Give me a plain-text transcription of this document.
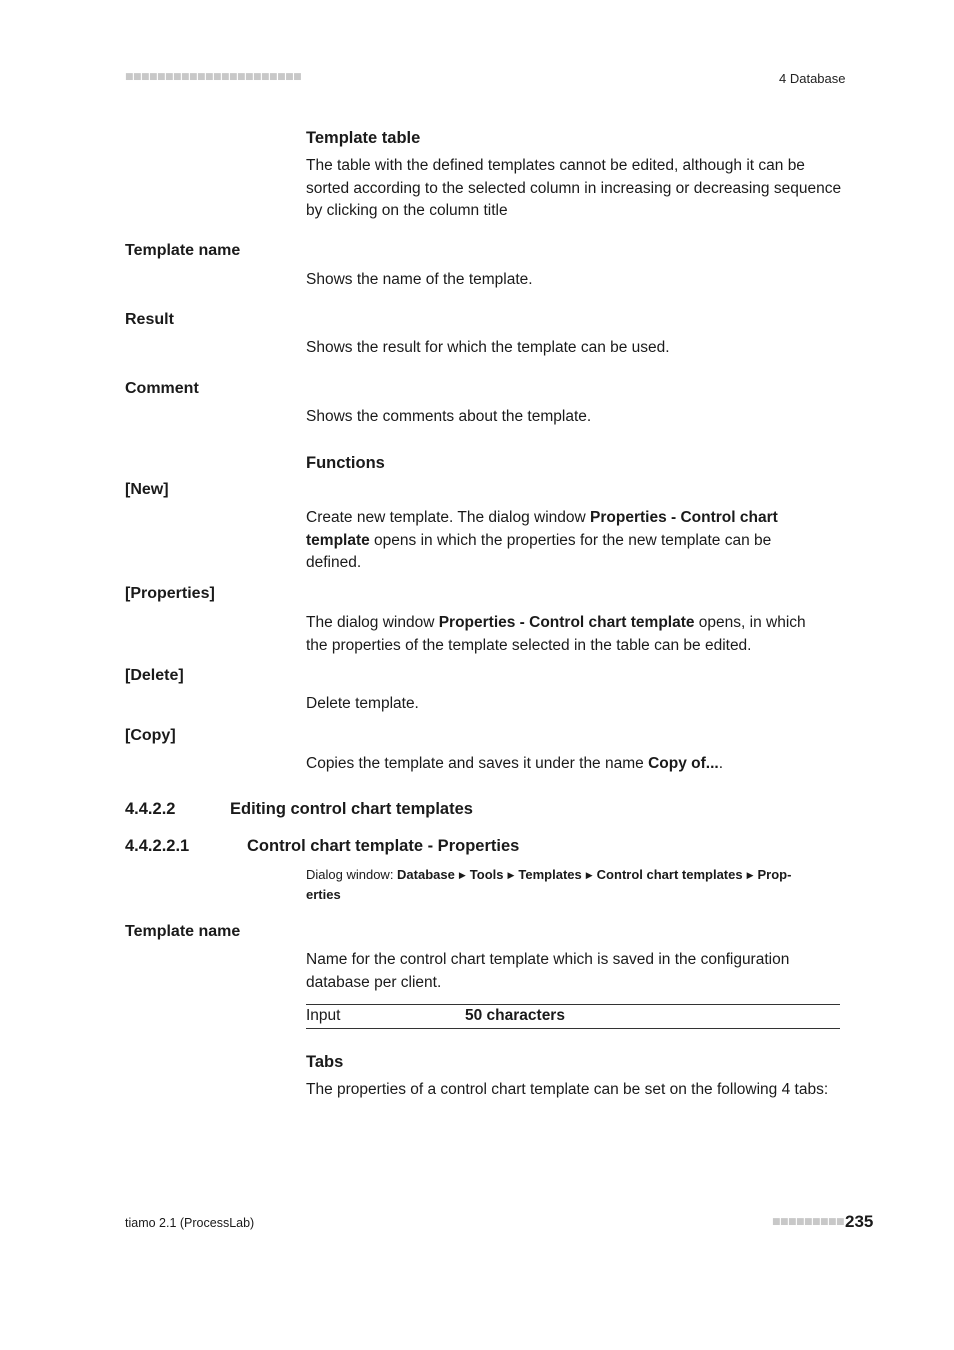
■■■■■■■■■■■■■■■■■■■■■■	4 Database
Template table
The table with the defined templates cannot be edited, although it can be sorted according to the selected column in increasing or decreasing sequence by clicking on the column title
Template name
Shows the name of the template.
Result
Shows the result for which the template can be used.
Comment
Shows the comments about the template.
Functions
[New]
Create new template. The dialog window Properties - Control chart
template opens in which the properties for the new template can be
defined.
[Properties]
The dialog window Properties - Control chart template opens, in which
the properties of the template selected in the table can be edited.
[Delete]
Delete template.
[Copy]
Copies the template and saves it under the name Copy of....
4.4.2.2	Editing control chart templates
4.4.2.2.1	Control chart template - Properties
Dialog window: Database ▶ Tools ▶ Templates ▶ Control chart templates ▶ Prop-
erties
Template name
Name for the control chart template which is saved in the configuration database per client.
Input	50 characters
Tabs
The properties of a control chart template can be set on the following 4 tabs:
tiamo 2.1 (ProcessLab)	■■■■■■■■■ 235
